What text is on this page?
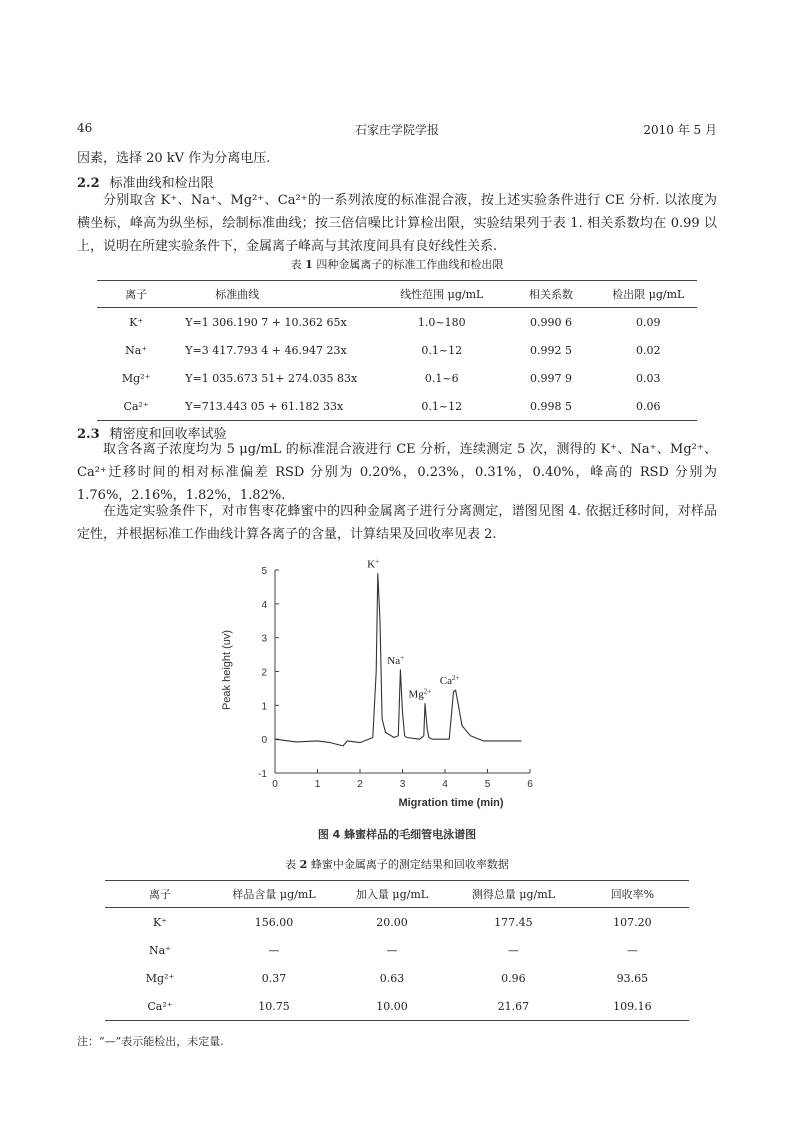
46	石家庄学院学报	2010 年 5 月
因素，选择 20 kV 作为分离电压.
2.2 标准曲线和检出限
分别取含 K⁺、Na⁺、Mg²⁺、Ca²⁺的一系列浓度的标准混合液，按上述实验条件进行 CE 分析. 以浓度为横坐标，峰高为纵坐标，绘制标准曲线；按三倍信噪比计算检出限，实验结果列于表 1. 相关系数均在 0.99 以上，说明在所建实验条件下，金属离子峰高与其浓度间具有良好线性关系.
表 1 四种金属离子的标准工作曲线和检出限
离子	标准曲线	线性范围 μg/mL	相关系数	检出限 μg/mL
K⁺	Y=1 306.190 7 + 10.362 65x	1.0~180	0.990 6	0.09
Na⁺	Y=3 417.793 4 + 46.947 23x	0.1~12	0.992 5	0.02
Mg²⁺	Y=1 035.673 51+ 274.035 83x	0.1~6	0.997 9	0.03
Ca²⁺	Y=713.443 05 + 61.182 33x	0.1~12	0.998 5	0.06
2.3 精密度和回收率试验
取含各离子浓度均为 5 μg/mL 的标准混合液进行 CE 分析，连续测定 5 次，测得的 K⁺、Na⁺、Mg²⁺、Ca²⁺迁移时间的相对标准偏差 RSD 分别为 0.20%，0.23%，0.31%，0.40%，峰高的 RSD 分别为 1.76%，2.16%，1.82%，1.82%.
在选定实验条件下，对市售枣花蜂蜜中的四种金属离子进行分离测定，谱图见图 4. 依据迁移时间，对样品定性，并根据标准工作曲线计算各离子的含量，计算结果及回收率见表 2.
0	1	2	3	4	5	6
-1
0
1
2
3
4
5
K+
Na+
$Mg^{2+}$
$Ca^{2+}$
Migration time (min)
Peak height (uv)
图 4 蜂蜜样品的毛细管电泳谱图
表 2 蜂蜜中金属离子的测定结果和回收率数据
离子	样品含量 μg/mL	加入量 μg/mL	测得总量 μg/mL	回收率%
K⁺	156.00	20.00	177.45	107.20
Na⁺	—	—	—	—
Mg²⁺	0.37	0.63	0.96	93.65
Ca²⁺	10.75	10.00	21.67	109.16
注：“—”表示能检出，未定量.
